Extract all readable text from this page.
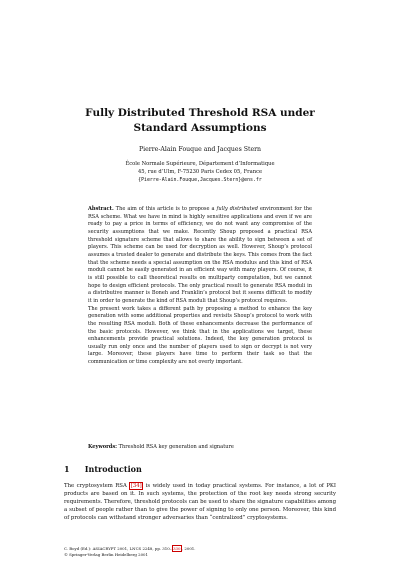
Fully Distributed Threshold RSA under
Standard Assumptions
Pierre-Alain Fouque and Jacques Stern
École Normale Supérieure, Département d’Informatique
45, rue d’Ulm, F-75230 Paris Cedex 05, France
{Pierre-Alain.Fouque,Jacques.Stern}@ens.fr

Abstract. The aim of this article is to propose a fully distributed environment for the RSA scheme. What we have in mind is highly sensitive applications and even if we are ready to pay a price in terms of efficiency, we do not want any compromise of the security assumptions that we make. Recently Shoup proposed a practical RSA threshold signature scheme that allows to share the ability to sign between a set of players. This scheme can be used for decryption as well. However, Shoup’s protocol assumes a trusted dealer to generate and distribute the keys. This comes from the fact that the scheme needs a special assumption on the RSA modulus and this kind of RSA moduli cannot be easily generated in an efficient way with many players. Of course, it is still possible to call theoretical results on multiparty computation, but we cannot hope to design efficient protocols. The only practical result to generate RSA moduli in a distributive manner is Boneh and Franklin’s protocol but it seems difficult to modify it in order to generate the kind of RSA moduli that Shoup’s protocol requires.

The present work takes a different path by proposing a method to enhance the key generation with some additional properties and revisits Shoup’s protocol to work with the resulting RSA moduli. Both of these enhancements decrease the performance of the basic protocols. However, we think that in the applications we target, these enhancements provide practical solutions. Indeed, the key generation protocol is usually run only once and the number of players used to sign or decrypt is not very large. Moreover, these players have time to perform their task so that the communication or time complexity are not overly important.

Keywords: Threshold RSA key generation and signature
1 Introduction

The cryptosystem RSA [34] is widely used in today practical systems. For instance, a lot of PKI products are based on it. In such systems, the protection of the root key needs strong security requirements. Therefore, threshold protocols can be used to share the signature capabilities among a subset of people rather than to give the power of signing to only one person. Moreover, this kind of protocols can withstand stronger adversaries than “centralized” cryptosystems.

C. Boyd (Ed.): ASIACRYPT 2001, LNCS 2248, pp. 310–330, 2001.
© Springer-Verlag Berlin Heidelberg 2001
